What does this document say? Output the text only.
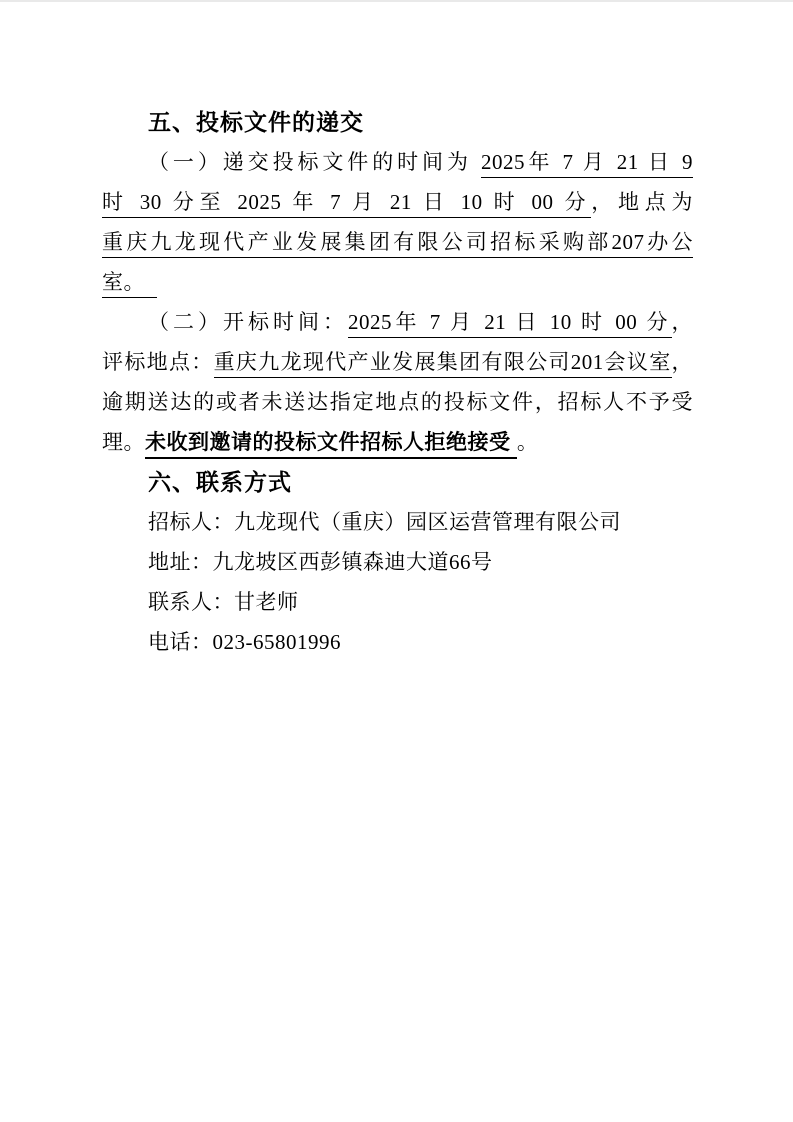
五、投标文件的递交
（一）递交投标文件的时间为 2025年 7 月 21 日 9
时 30 分至 2025 年 7 月 21 日 10 时 00 分，地点为
重庆九龙现代产业发展集团有限公司招标采购部207办公
室。
（二）开标时间：2025年 7 月 21 日 10 时 00 分，
评标地点：重庆九龙现代产业发展集团有限公司201会议室，
逾期送达的或者未送达指定地点的投标文件，招标人不予受
理。未收到邀请的投标文件招标人拒绝接受 。
六、联系方式
招标人：九龙现代（重庆）园区运营管理有限公司
地址：九龙坡区西彭镇森迪大道66号
联系人：甘老师
电话：023-65801996
